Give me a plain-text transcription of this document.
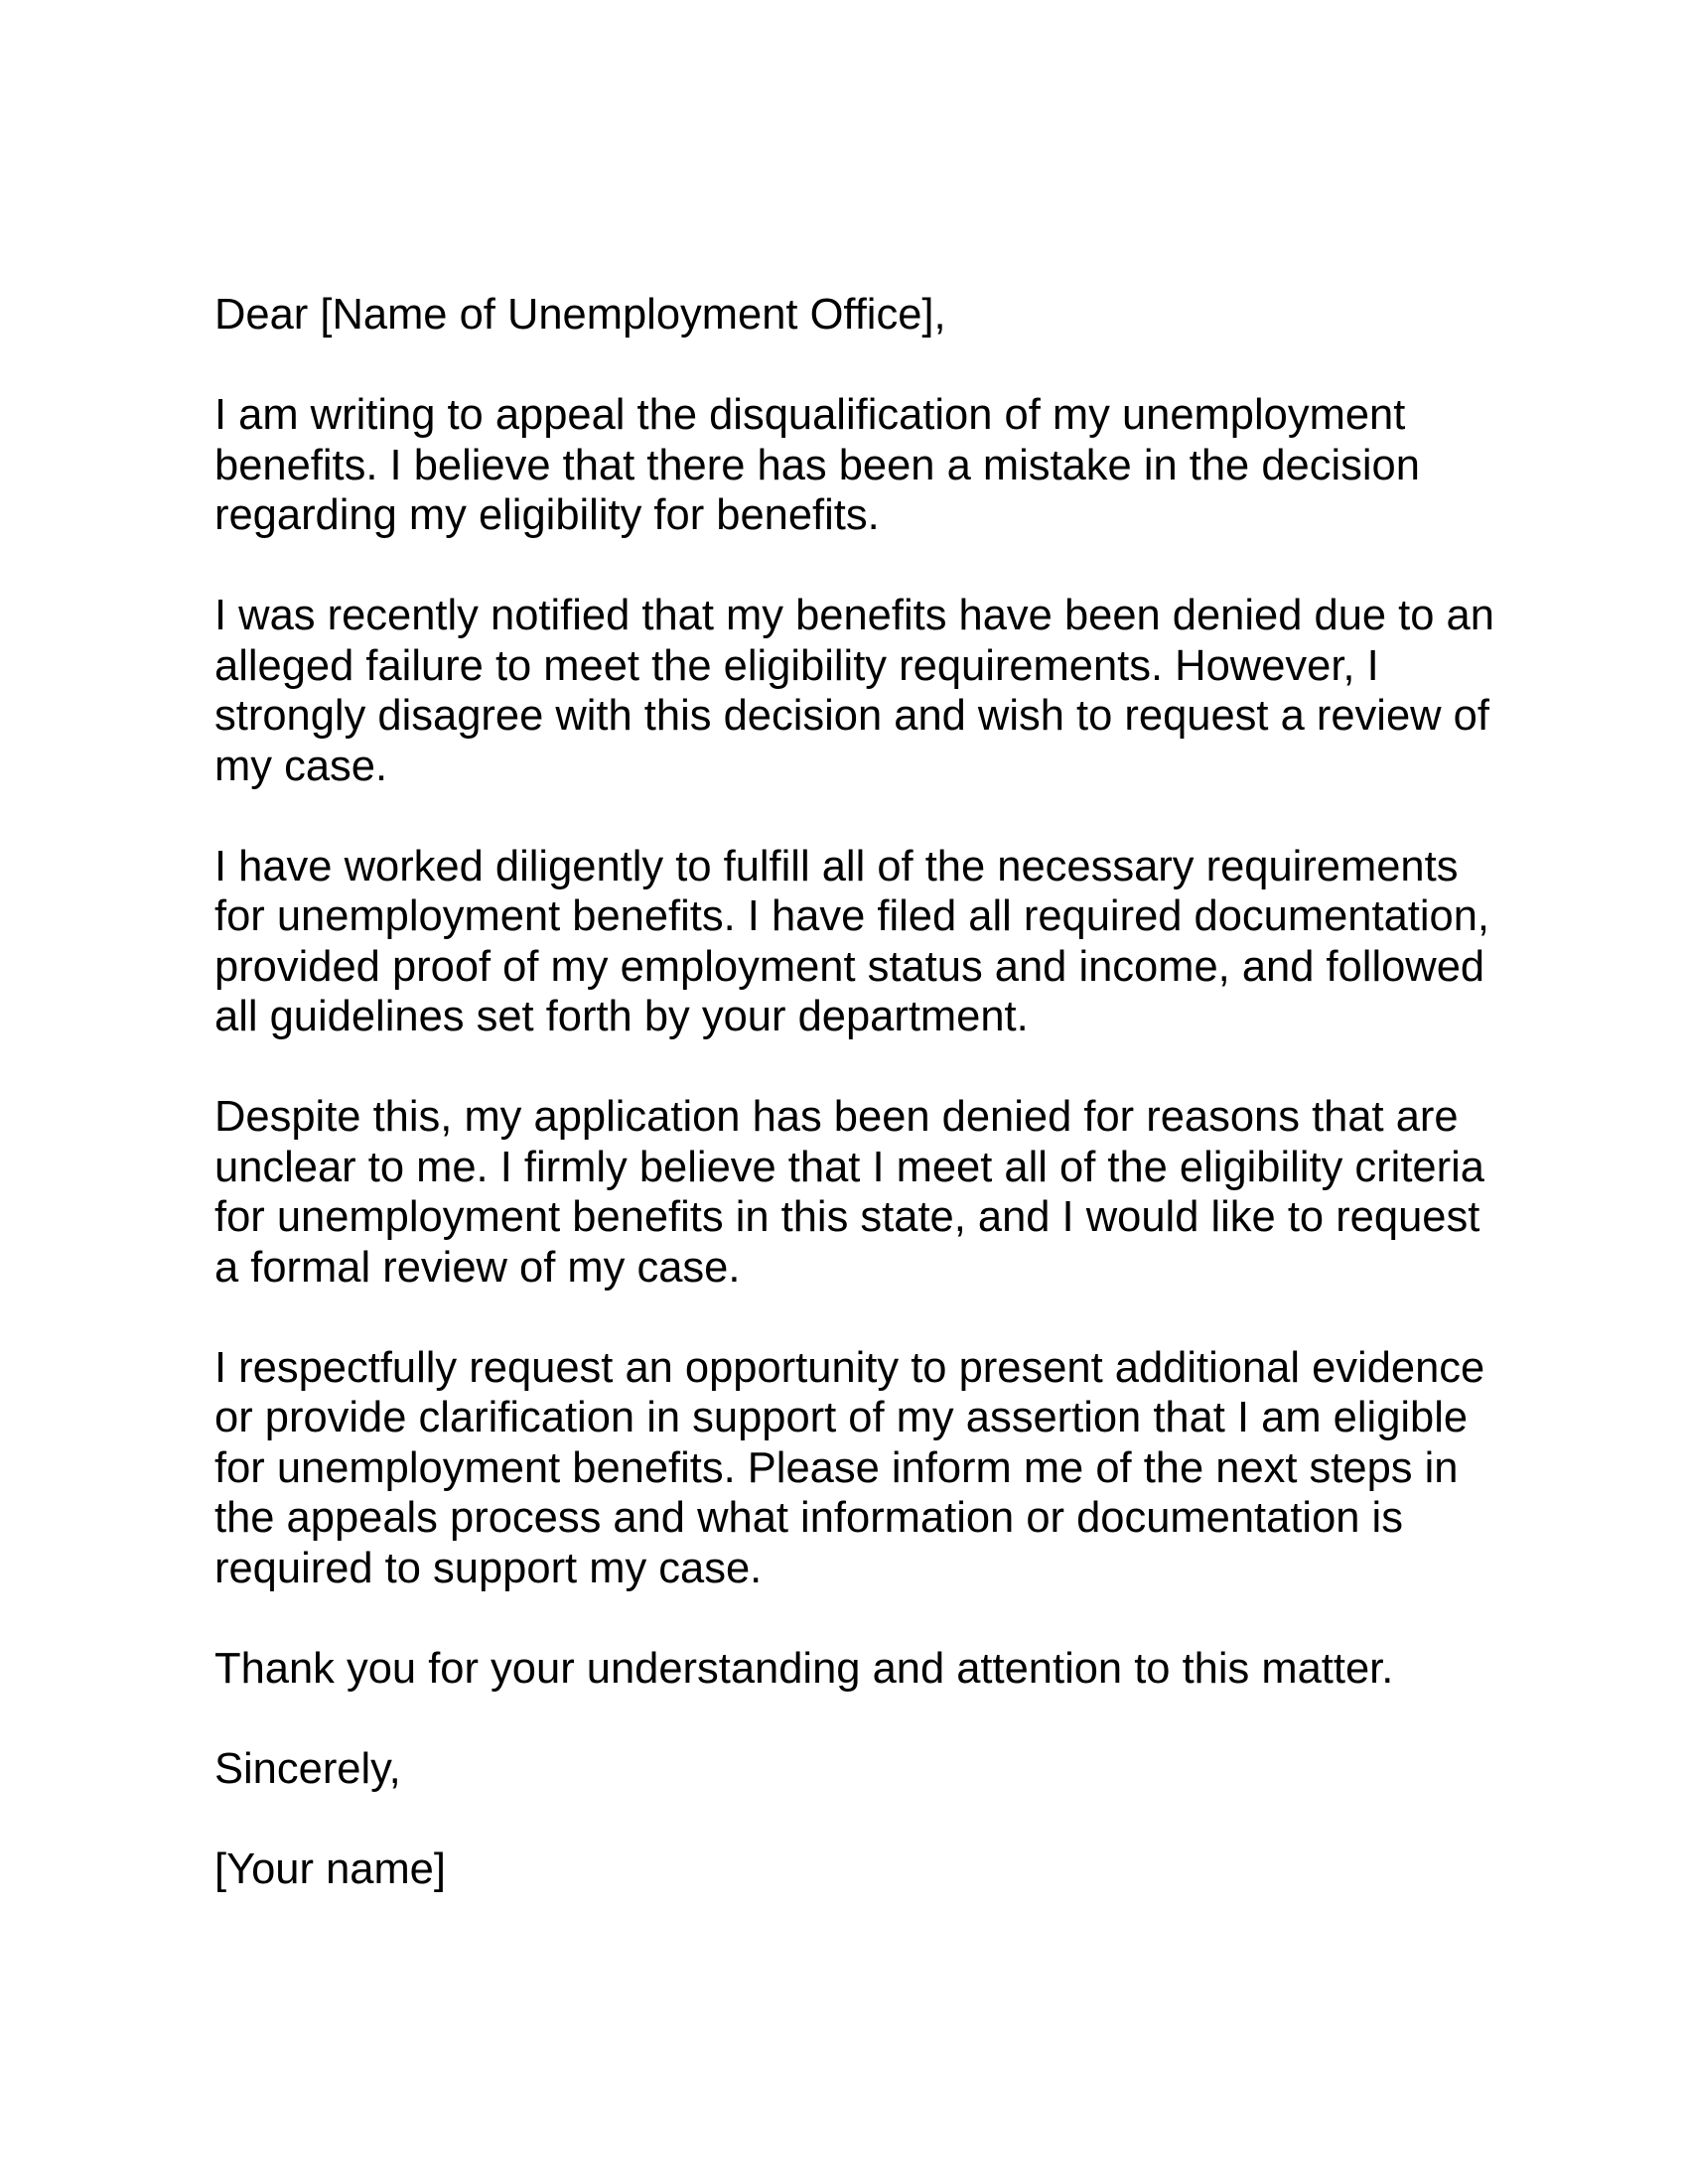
Dear [Name of Unemployment Office],
I am writing to appeal the disqualification of my unemployment
benefits. I believe that there has been a mistake in the decision
regarding my eligibility for benefits.
I was recently notified that my benefits have been denied due to an
alleged failure to meet the eligibility requirements. However, I
strongly disagree with this decision and wish to request a review of
my case.
I have worked diligently to fulfill all of the necessary requirements
for unemployment benefits. I have filed all required documentation,
provided proof of my employment status and income, and followed
all guidelines set forth by your department.
Despite this, my application has been denied for reasons that are
unclear to me. I firmly believe that I meet all of the eligibility criteria
for unemployment benefits in this state, and I would like to request
a formal review of my case.
I respectfully request an opportunity to present additional evidence
or provide clarification in support of my assertion that I am eligible
for unemployment benefits. Please inform me of the next steps in
the appeals process and what information or documentation is
required to support my case.
Thank you for your understanding and attention to this matter.
Sincerely,
[Your name]
